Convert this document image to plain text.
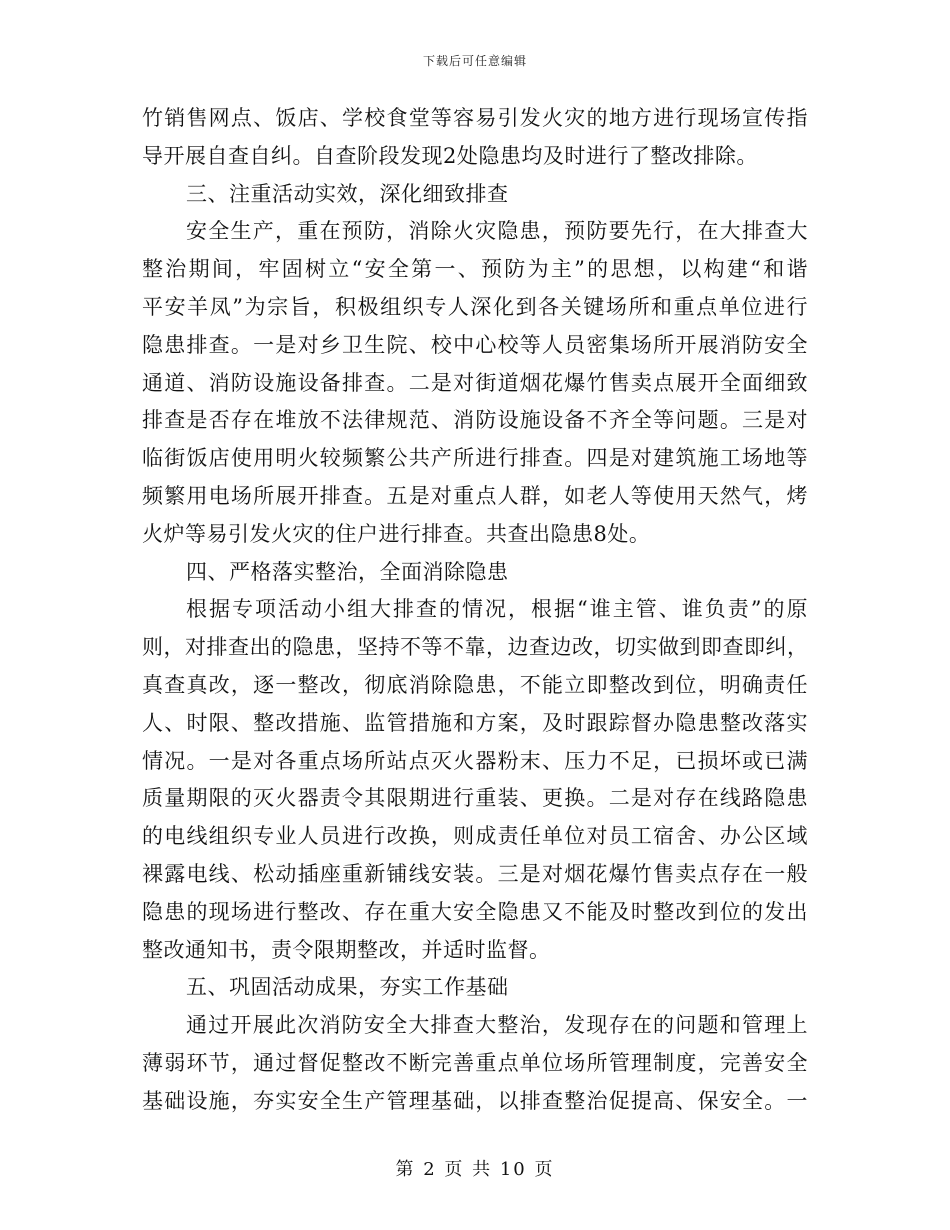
下载后可任意编辑
竹销售网点、饭店、学校食堂等容易引发火灾的地方进行现场宣传指
导开展自查自纠。自查阶段发现2处隐患均及时进行了整改排除。
三、注重活动实效，深化细致排查
安全生产，重在预防，消除火灾隐患，预防要先行，在大排查大
整治期间，牢固树立“安全第一、预防为主”的思想，以构建“和谐
平安羊凤”为宗旨，积极组织专人深化到各关键场所和重点单位进行
隐患排查。一是对乡卫生院、校中心校等人员密集场所开展消防安全
通道、消防设施设备排查。二是对街道烟花爆竹售卖点展开全面细致
排查是否存在堆放不法律规范、消防设施设备不齐全等问题。三是对
临街饭店使用明火较频繁公共产所进行排查。四是对建筑施工场地等
频繁用电场所展开排查。五是对重点人群，如老人等使用天然气，烤
火炉等易引发火灾的住户进行排查。共查出隐患8处。
四、严格落实整治，全面消除隐患
根据专项活动小组大排查的情况，根据“谁主管、谁负责”的原
则，对排查出的隐患，坚持不等不靠，边查边改，切实做到即查即纠，
真查真改，逐一整改，彻底消除隐患，不能立即整改到位，明确责任
人、时限、整改措施、监管措施和方案，及时跟踪督办隐患整改落实
情况。一是对各重点场所站点灭火器粉末、压力不足，已损坏或已满
质量期限的灭火器责令其限期进行重装、更换。二是对存在线路隐患
的电线组织专业人员进行改换，则成责任单位对员工宿舍、办公区域
裸露电线、松动插座重新铺线安装。三是对烟花爆竹售卖点存在一般
隐患的现场进行整改、存在重大安全隐患又不能及时整改到位的发出
整改通知书，责令限期整改，并适时监督。
五、巩固活动成果，夯实工作基础
通过开展此次消防安全大排查大整治，发现存在的问题和管理上
薄弱环节，通过督促整改不断完善重点单位场所管理制度，完善安全
基础设施，夯实安全生产管理基础，以排查整治促提高、保安全。一
第 2 页 共 10 页
